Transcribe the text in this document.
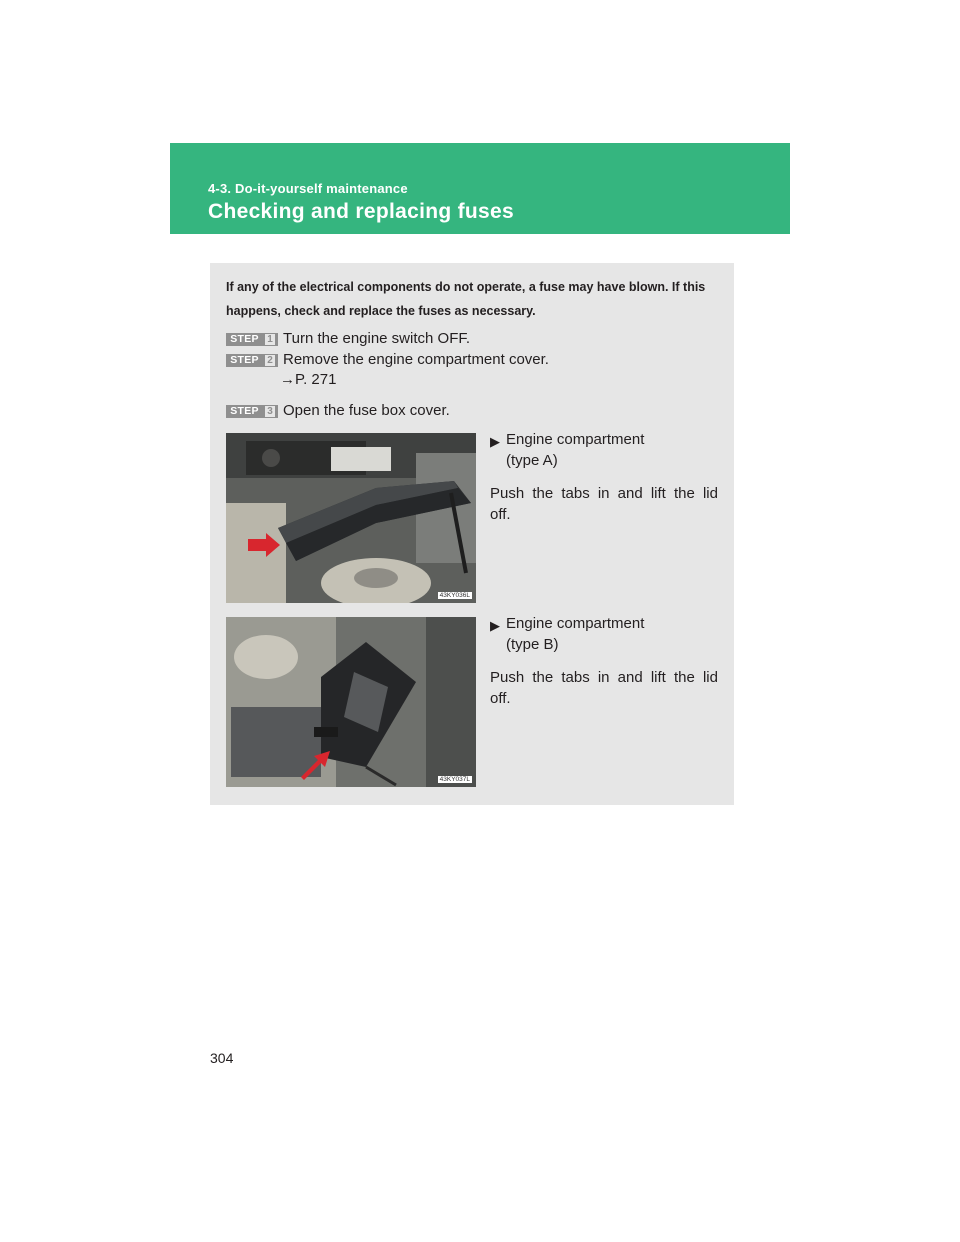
4-3. Do-it-yourself maintenance
Checking and replacing fuses
If any of the electrical components do not operate, a fuse may have blown. If this happens, check and replace the fuses as necessary.
STEP 1 Turn the engine switch OFF.
STEP 2 Remove the engine compartment cover.
→P. 271
STEP 3 Open the fuse box cover.
43KY036L
▶ Engine compartment
(type A)
Push the tabs in and lift the lid off.
43KY037L
▶ Engine compartment
(type B)
Push the tabs in and lift the lid off.
304
